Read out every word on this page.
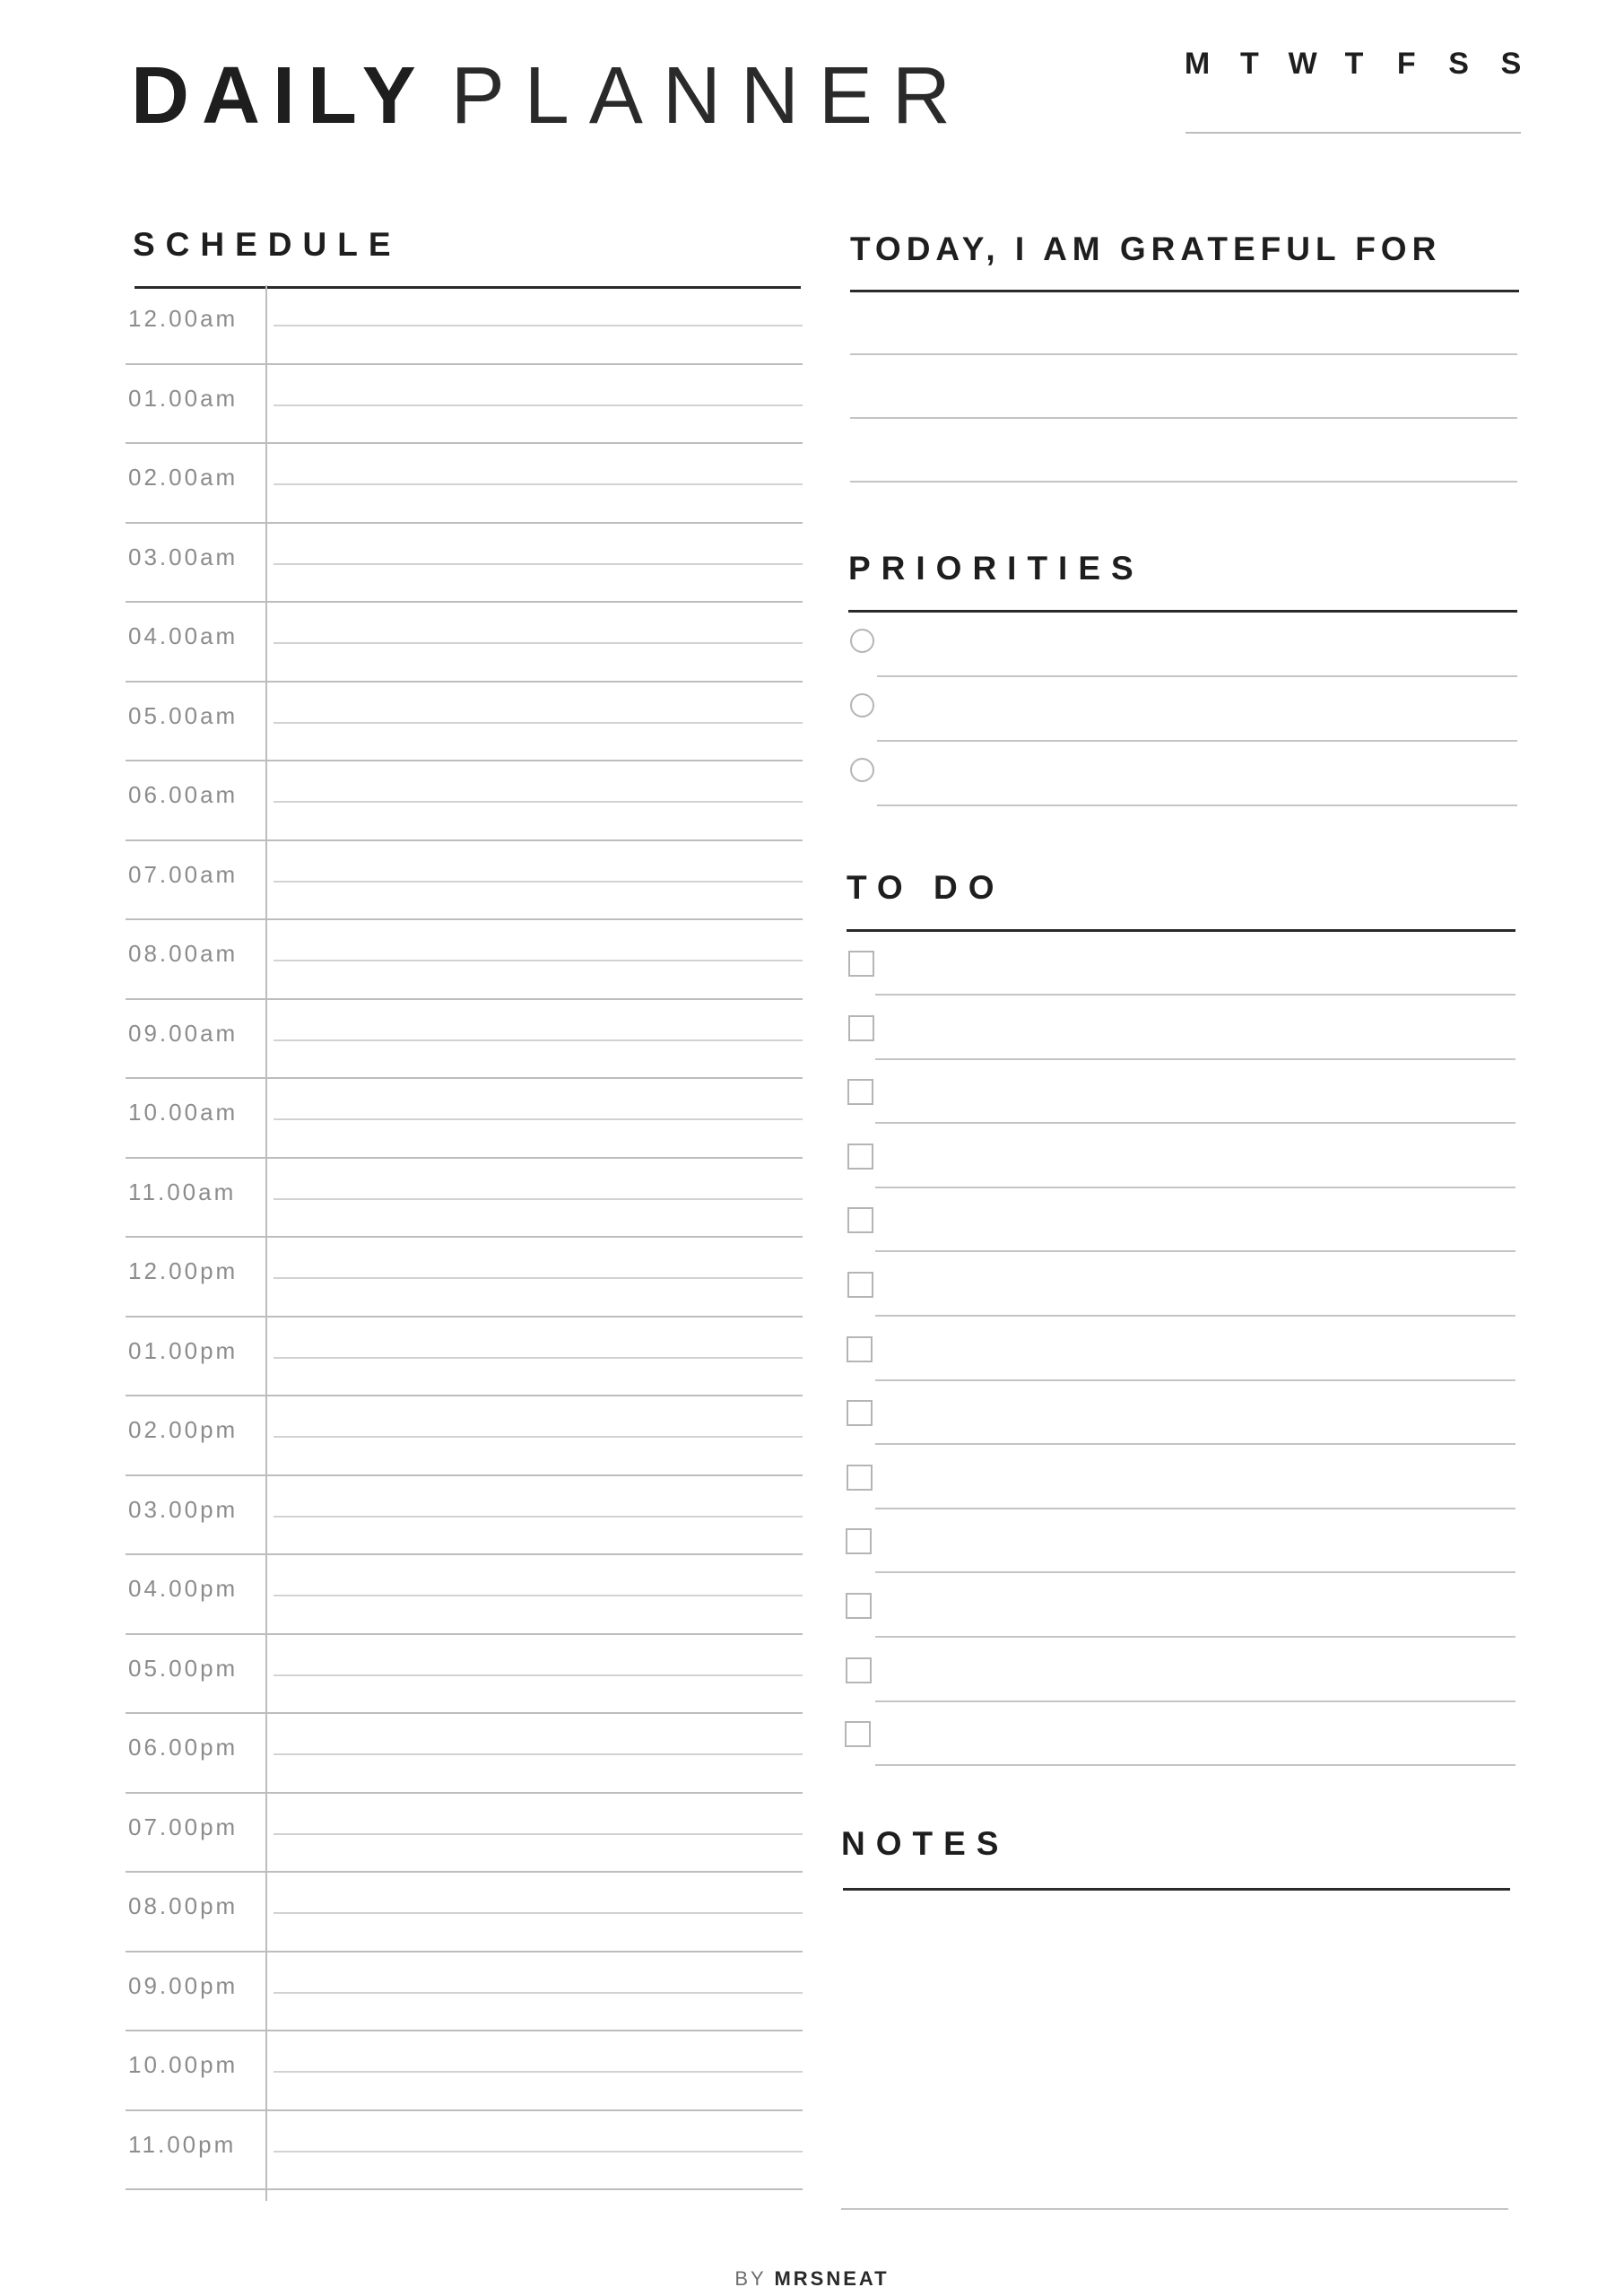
DAILY PLANNER	M T W T F S S
SCHEDULE
12.00am
01.00am
02.00am
03.00am
04.00am
05.00am
06.00am
07.00am
08.00am
09.00am
10.00am
11.00am
12.00pm
01.00pm
02.00pm
03.00pm
04.00pm
05.00pm
06.00pm
07.00pm
08.00pm
09.00pm
10.00pm
11.00pm
TODAY, I AM GRATEFUL FOR
PRIORITIES
TO DO
NOTES
BY MRSNEAT
